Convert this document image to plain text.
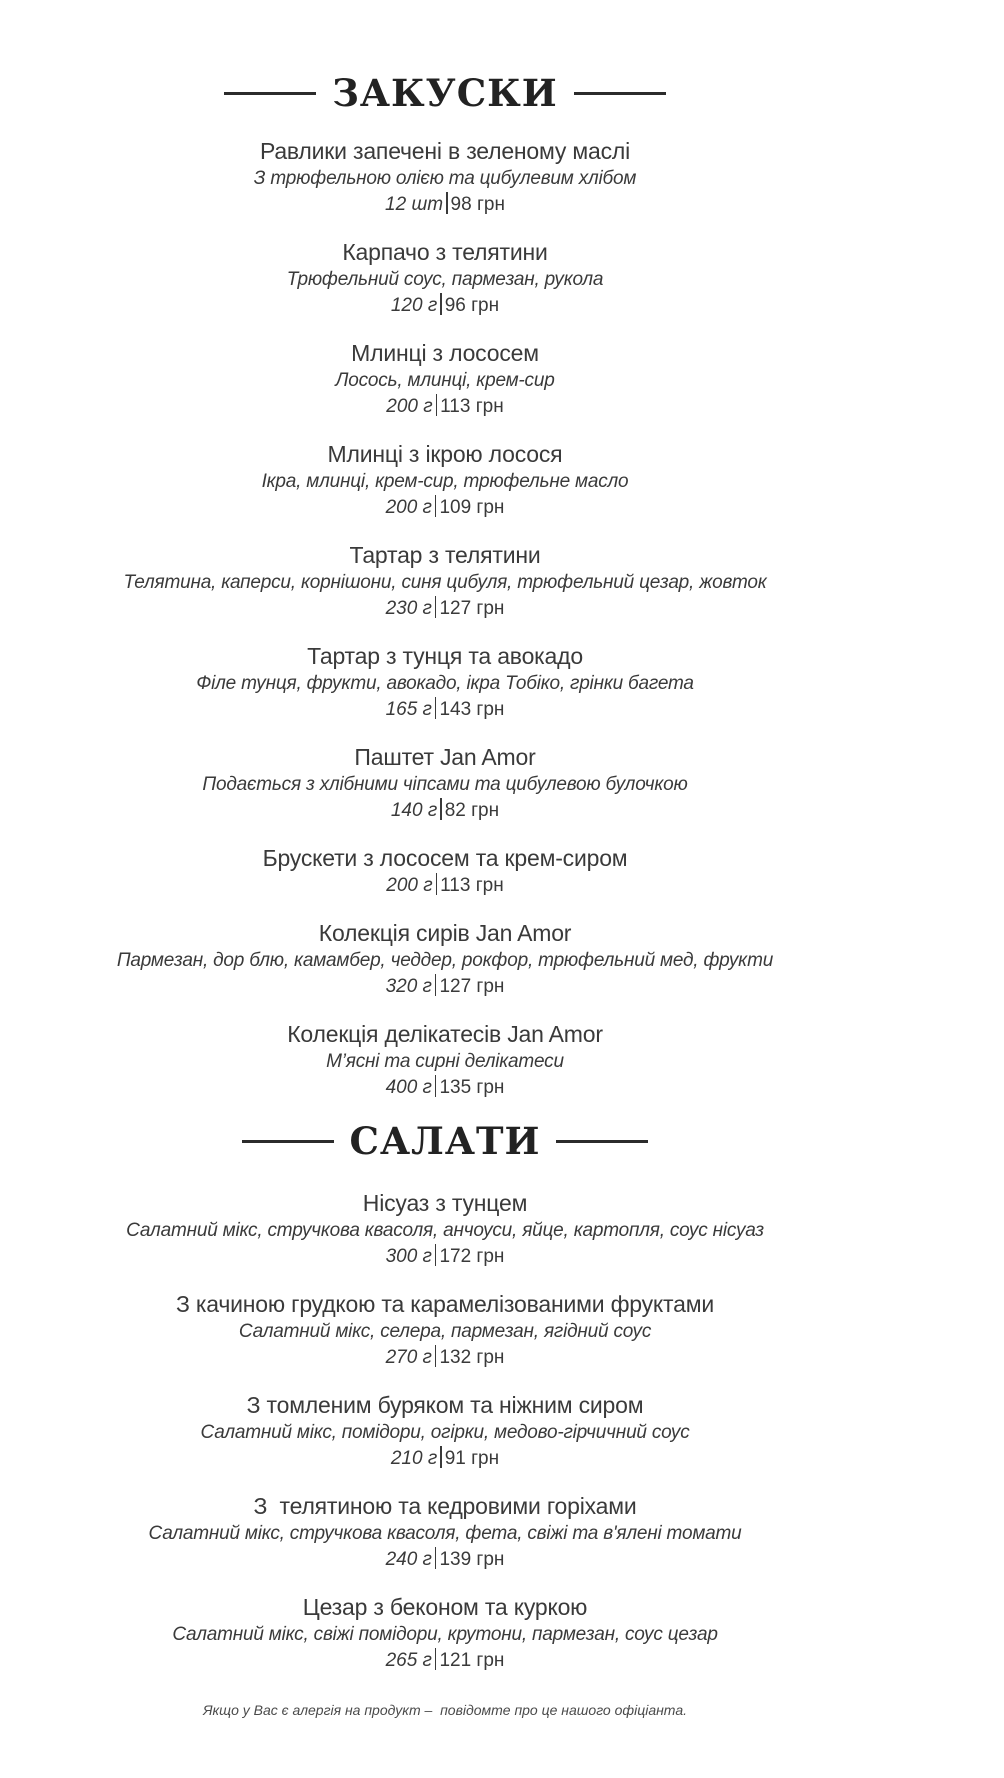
ЗАКУСКИ
Равлики запечені в зеленому маслі
З трюфельною олією та цибулевим хлібом
12 шт 98 грн
Карпачо з телятини
Трюфельний соус, пармезан, рукола
120 г 96 грн
Млинці з лососем
Лосось, млинці, крем-сир
200 г 113 грн
Млинці з ікрою лосося
Ікра, млинці, крем-сир, трюфельне масло
200 г 109 грн
Тартар з телятини
Телятина, каперси, корнішони, синя цибуля, трюфельний цезар, жовток
230 г 127 грн
Тартар з тунця та авокадо
Філе тунця, фрукти, авокадо, ікра Тобіко, грінки багета
165 г 143 грн
Паштет Jan Amor
Подається з хлібними чіпсами та цибулевою булочкою
140 г 82 грн
Брускети з лососем та крем-сиром
200 г 113 грн
Колекція сирів Jan Amor
Пармезан, дор блю, камамбер, чеддер, рокфор, трюфельний мед, фрукти
320 г 127 грн
Колекція делікатесів Jan Amor
М’ясні та сирні делікатеси
400 г 135 грн
САЛАТИ
Нісуаз з тунцем
Салатний мікс, стручкова квасоля, анчоуси, яйце, картопля, соус нісуаз
300 г 172 грн
З качиною грудкою та карамелізованими фруктами
Салатний мікс, селера, пармезан, ягідний соус
270 г 132 грн
З томленим буряком та ніжним сиром
Салатний мікс, помідори, огірки, медово-гірчичний соус
210 г 91 грн
З  телятиною та кедровими горіхами
Салатний мікс, стручкова квасоля, фета, свіжі та в'ялені томати
240 г 139 грн
Цезар з беконом та куркою
Салатний мікс, свіжі помідори, крутони, пармезан, соус цезар
265 г 121 грн
Якщо у Вас є алергія на продукт –  повідомте про це нашого офіціанта.
